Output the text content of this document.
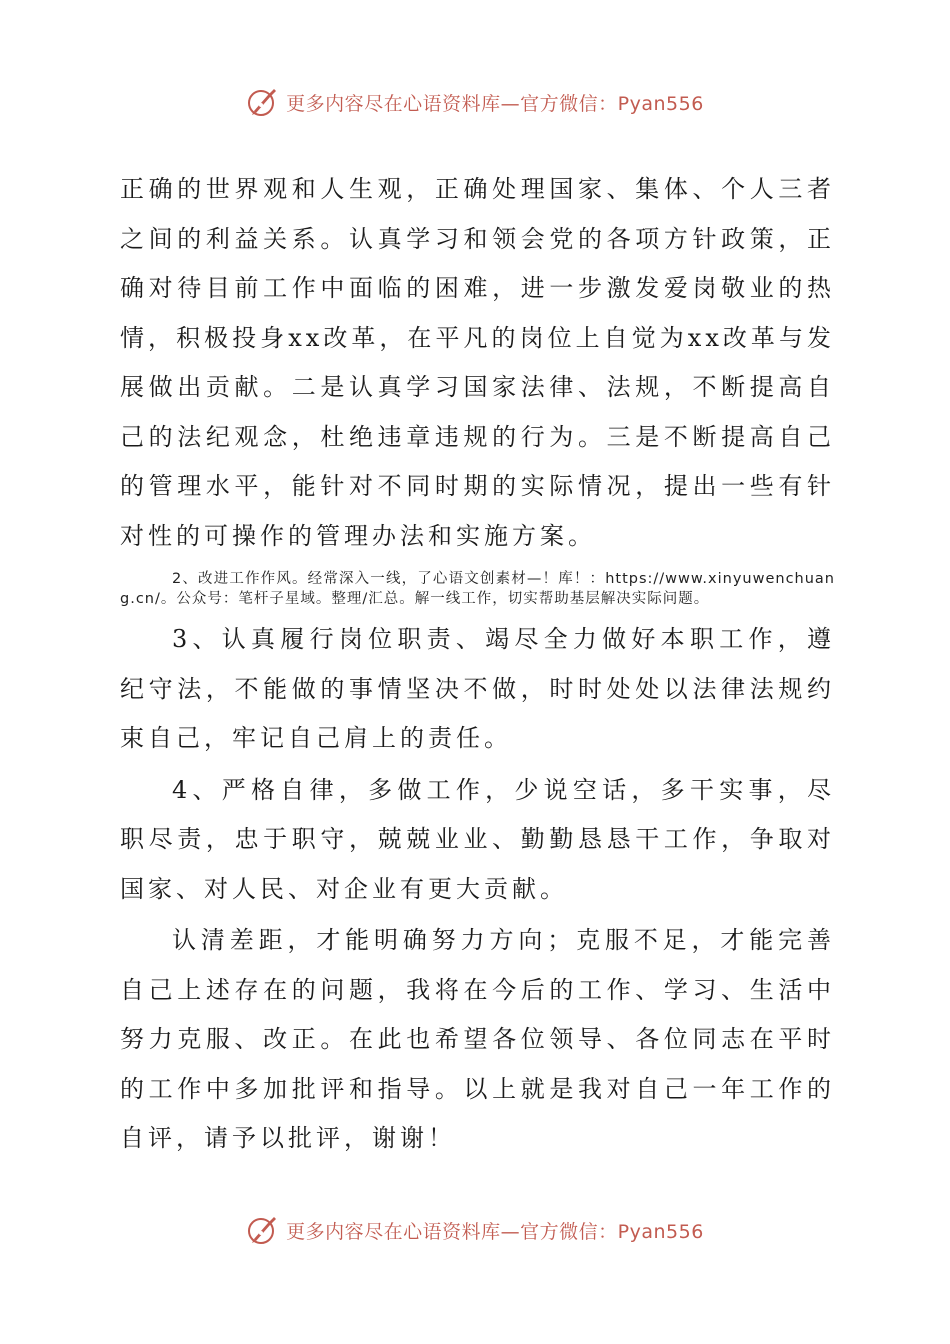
更多内容尽在心语资料库—官方微信：Pyan556

正确的世界观和人生观，正确处理国家、集体、个人三者之间的利益关系。认真学习和领会党的各项方针政策，正确对待目前工作中面临的困难，进一步激发爱岗敬业的热情，积极投身xx改革，在平凡的岗位上自觉为xx改革与发展做出贡献。二是认真学习国家法律、法规，不断提高自己的法纪观念，杜绝违章违规的行为。三是不断提高自己的管理水平，能针对不同时期的实际情况，提出一些有针对性的可操作的管理办法和实施方案。

2、改进工作作风。经常深入一线，了心语文创素材—！库！：https://www.xinyuwenchuang.cn/。公众号：笔杆子星域。整理/汇总。解一线工作，切实帮助基层解决实际问题。

3、认真履行岗位职责、竭尽全力做好本职工作，遵纪守法，不能做的事情坚决不做，时时处处以法律法规约束自己，牢记自己肩上的责任。

4、严格自律，多做工作，少说空话，多干实事，尽职尽责，忠于职守，兢兢业业、勤勤恳恳干工作，争取对国家、对人民、对企业有更大贡献。

认清差距，才能明确努力方向；克服不足，才能完善自己上述存在的问题，我将在今后的工作、学习、生活中努力克服、改正。在此也希望各位领导、各位同志在平时的工作中多加批评和指导。以上就是我对自己一年工作的自评，请予以批评，谢谢！

更多内容尽在心语资料库—官方微信：Pyan556
